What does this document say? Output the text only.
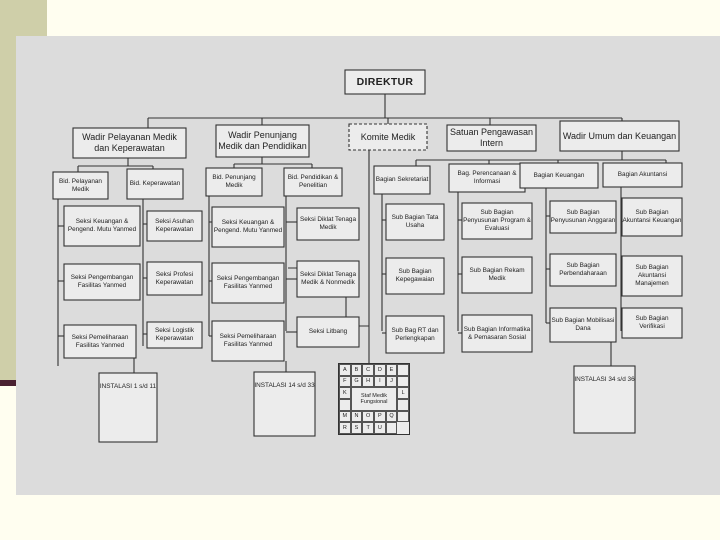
DIREKTUR
Wadir Pelayanan Medik dan Keperawatan
Wadir Penunjang Medik dan Pendidikan
Komite Medik	Satuan Pengawasan Intern
Wadir Umum dan Keuangan
Bid. Pelayanan Medik
Bid. Keperawatan
Bid. Penunjang Medik
Bid. Pendidikan & Penelitian
Bagian Sekretariat
Bag. Perencanaan & Informasi
Bagian Keuangan	Bagian Akuntansi
Seksi Keuangan & Pengend. Mutu Yanmed
Seksi Pengembangan Fasilitas Yanmed
Seksi Pemeliharaan Fasilitas Yanmed
Seksi Asuhan Keperawatan
Seksi Profesi Keperawatan
Seksi Logistik Keperawatan
Seksi Keuangan & Pengend. Mutu Yanmed
Seksi Pengembangan Fasilitas Yanmed
Seksi Pemeliharaan Fasilitas Yanmed
Seksi Diklat Tenaga Medik
Seksi Diklat Tenaga Medik & Nonmedik
Seksi Litbang
Sub Bagian Tata Usaha
Sub Bagian Kepegawaian
Sub Bag RT dan Perlengkapan
Sub Bagian Penyusunan Program & Evaluasi
Sub Bagian Rekam Medik
Sub Bagian Informatika & Pemasaran Sosial
Sub Bagian Penyusunan Anggaran
Sub Bagian Perbendaharaan
Sub Bagian Mobilisasi Dana
Sub Bagian Akuntansi Keuangan
Sub Bagian Akuntansi Manajemen
Sub Bagian Verifikasi
INSTALASI 1 s/d 11	INSTALASI 14 s/d 33
INSTALASI 34 s/d 36
A	B	C	D	E
F	G	H	I	J
K	Staf Medik Fungsional
L
M	N	O	P	Q
R	S	T	U
